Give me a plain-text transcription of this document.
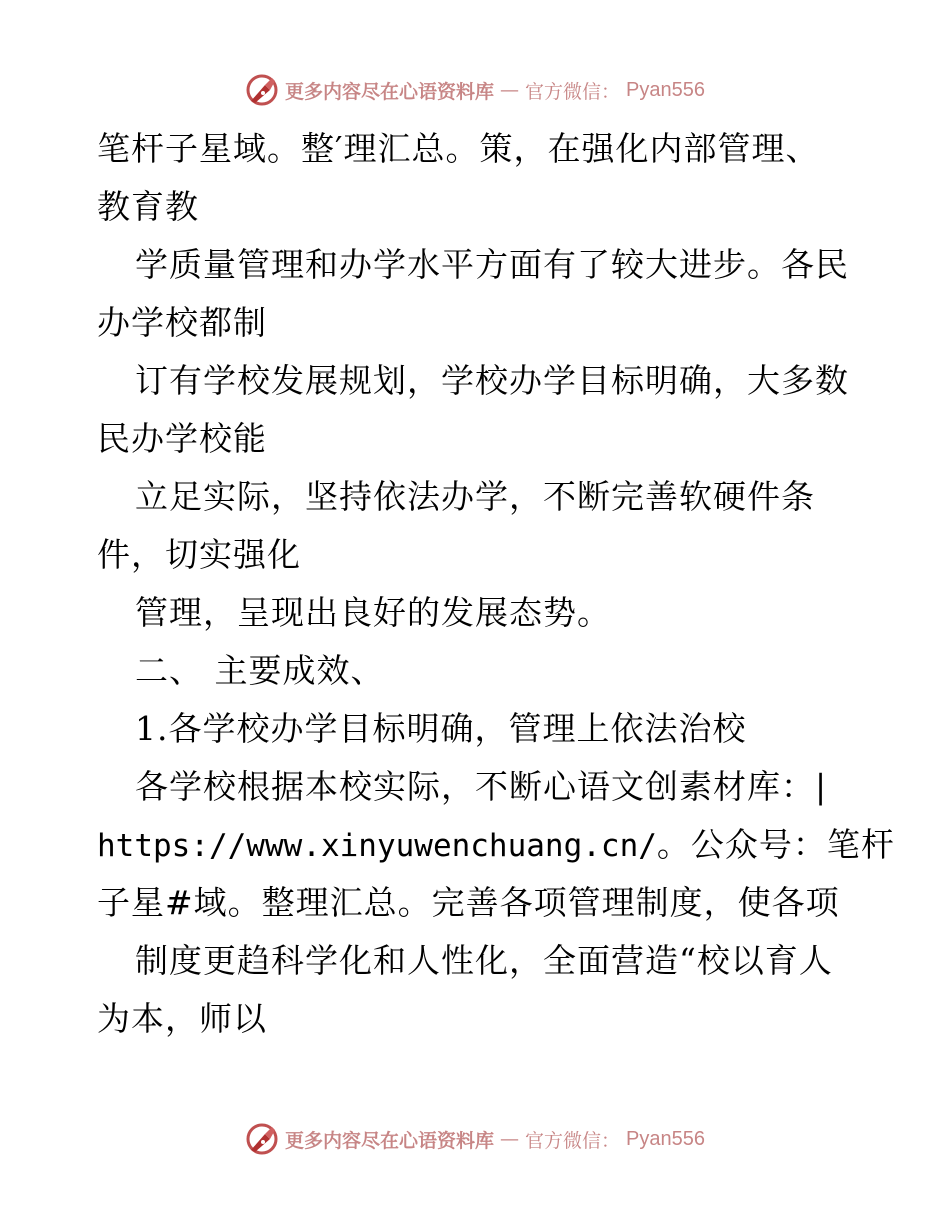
更多内容尽在心语资料库 — 官方微信： Pyan556
笔杆子星域。整′理汇总。策，在强化内部管理、
教育教
学质量管理和办学水平方面有了较大进步。各民
办学校都制
订有学校发展规划，学校办学目标明确，大多数
民办学校能
立足实际，坚持依法办学，不断完善软硬件条
件，切实强化
管理，呈现出良好的发展态势。
二、 主要成效、
1.各学校办学目标明确，管理上依法治校
各学校根据本校实际，不断心语文创素材库：|
https://www.xinyuwenchuang.cn/。公众号：笔杆
子星#域。整理汇总。完善各项管理制度，使各项
制度更趋科学化和人性化，全面营造“校以育人
为本，师以
更多内容尽在心语资料库 — 官方微信： Pyan556
